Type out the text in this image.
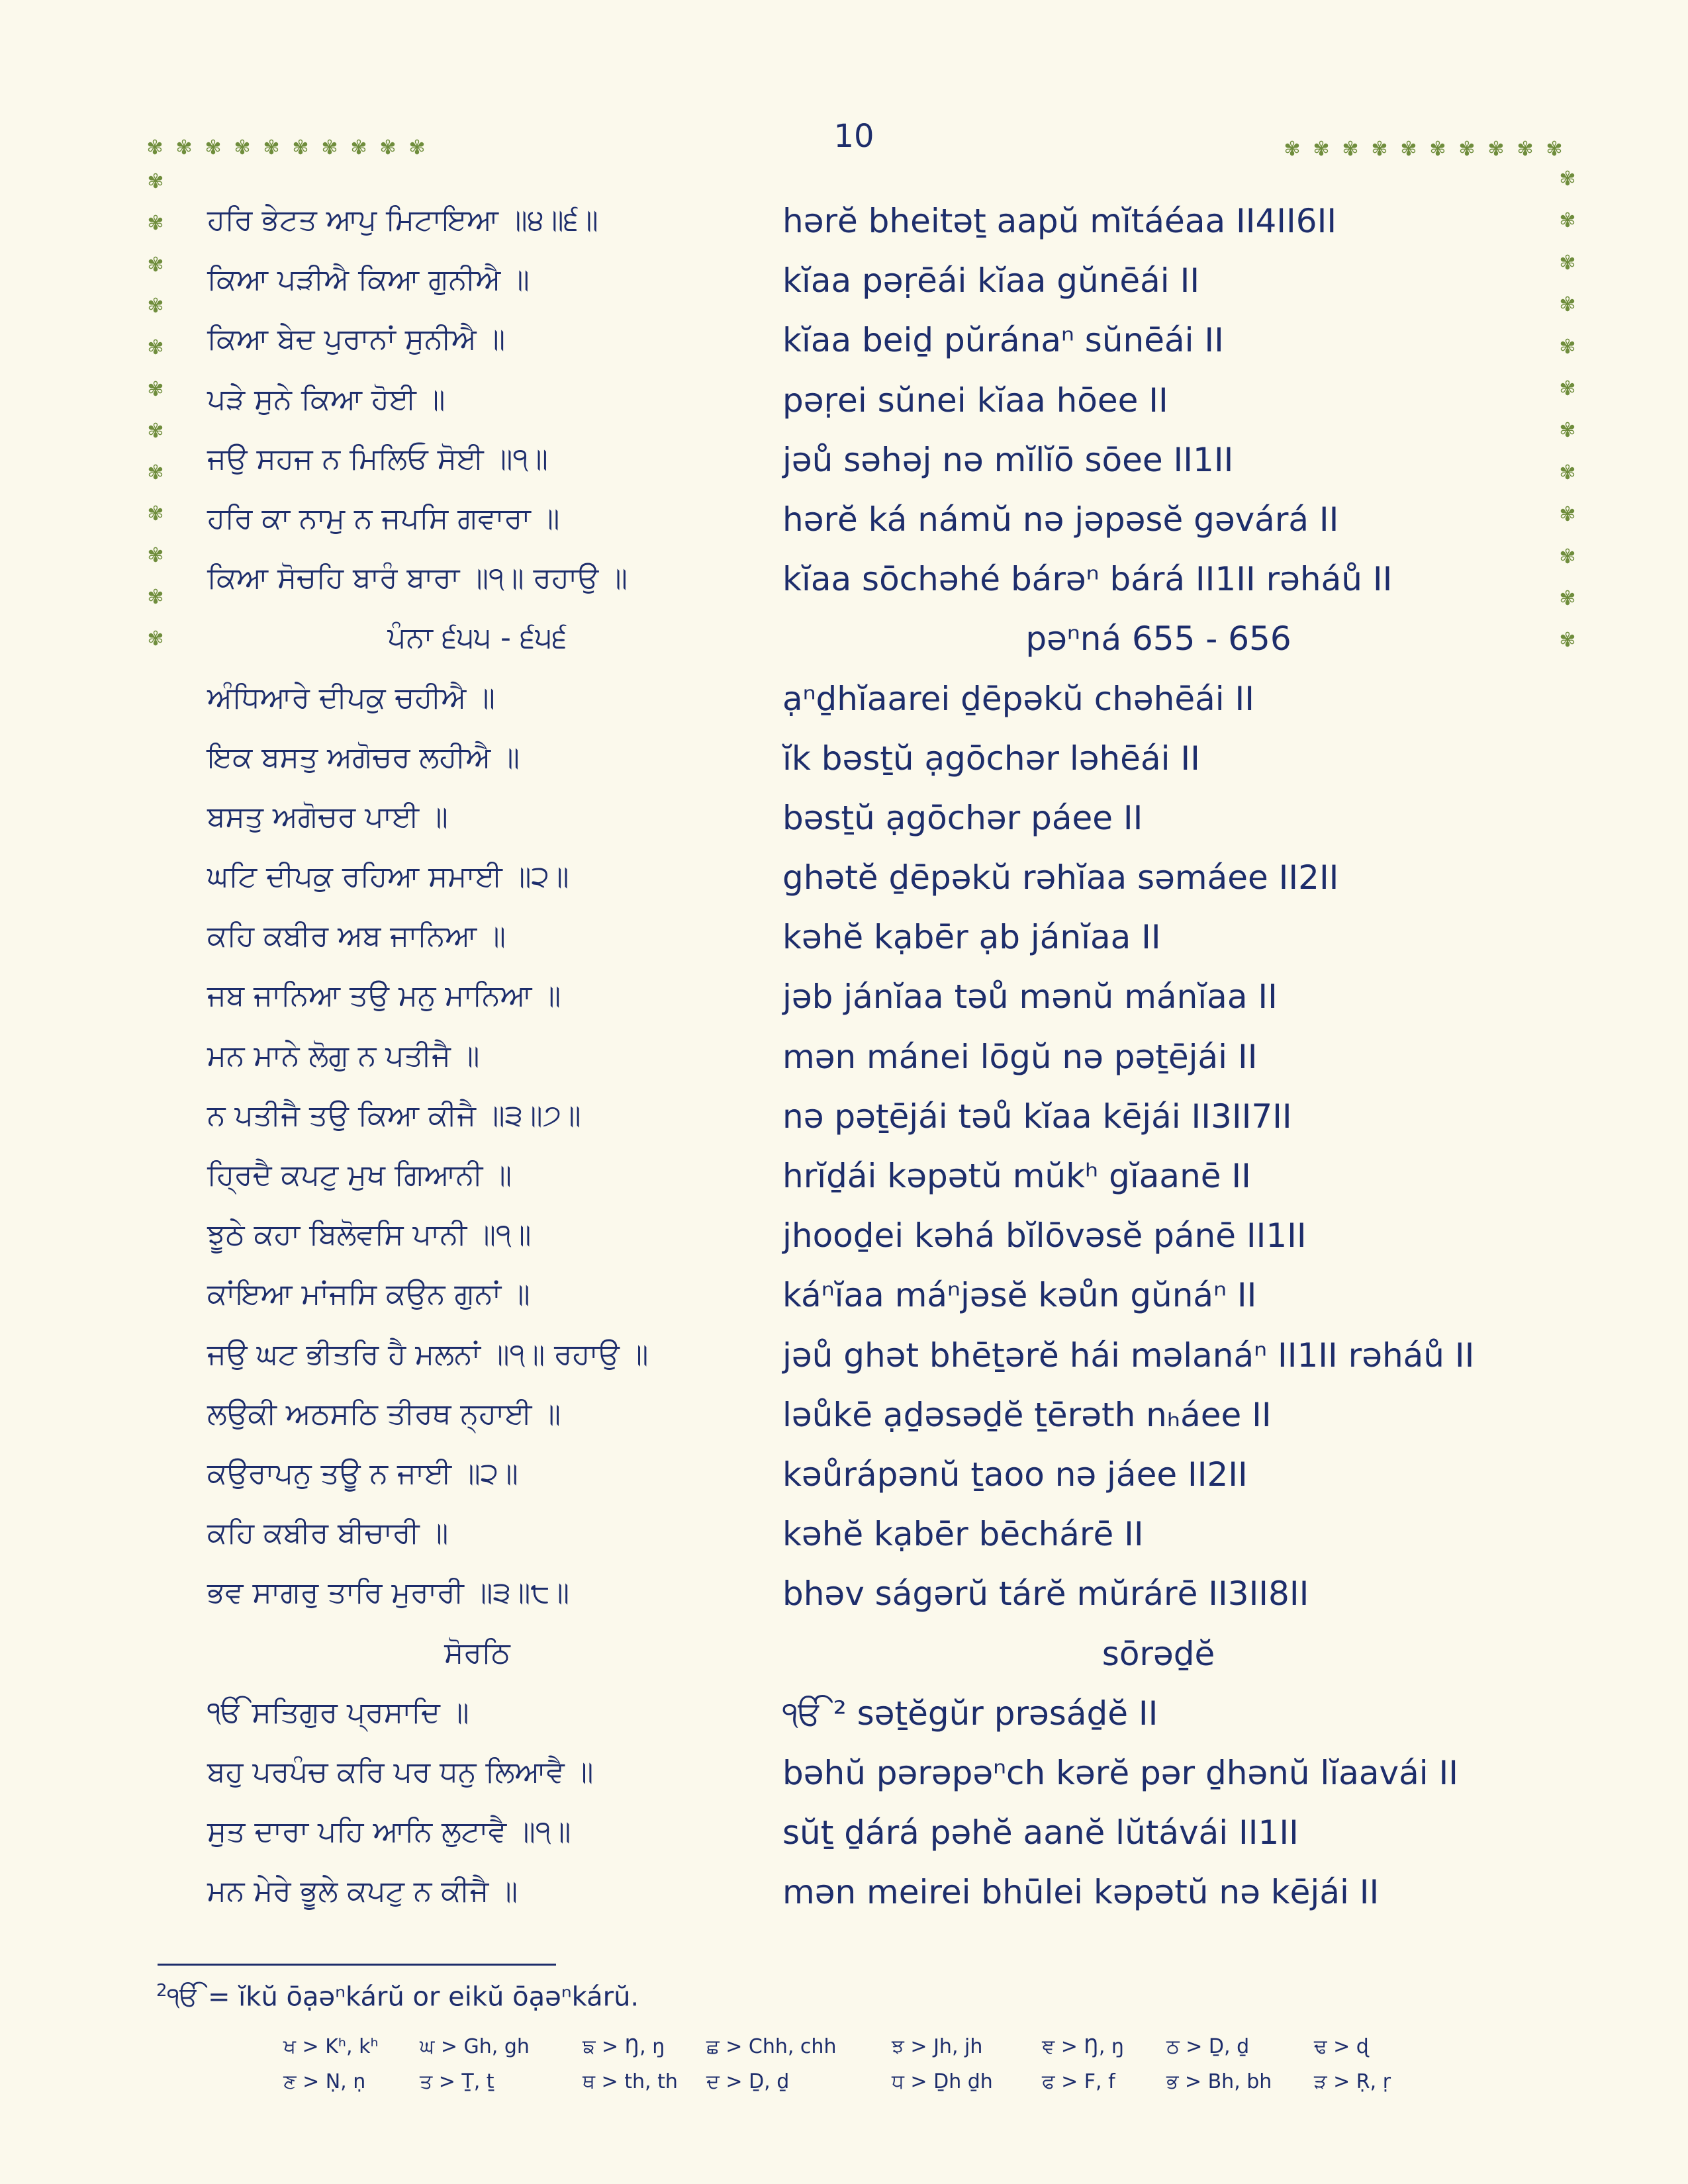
10
✾ ✾ ✾ ✾ ✾ ✾ ✾ ✾ ✾ ✾	✾ ✾ ✾ ✾ ✾ ✾ ✾ ✾ ✾ ✾
✾
✾
✾
✾
✾
✾
✾
✾
✾
✾
✾
✾
✾
✾
✾
✾
✾
✾
✾
✾
✾
✾
✾
✾
ਹਰਿ ਭੇਟਤ ਆਪੁ ਮਿਟਾਇਆ ॥੪॥੬॥	hərĕ bheitəṯ aapŭ mĭtáéaa II4II6II
ਕਿਆ ਪੜੀਐ ਕਿਆ ਗੁਨੀਐ ॥	kĭaa pəṛēái kĭaa gŭnēái II
ਕਿਆ ਬੇਦ ਪੁਰਾਨਾਂ ਸੁਨੀਐ ॥	kĭaa beiḏ pŭránaⁿ sŭnēái II
ਪੜੇ ਸੁਨੇ ਕਿਆ ਹੋਈ ॥	pəṛei sŭnei kĭaa hōee II
ਜਉ ਸਹਜ ਨ ਮਿਲਿਓ ਸੋਈ ॥੧॥	jəů səhəj nə mĭlĭō sōee II1II
ਹਰਿ ਕਾ ਨਾਮੁ ਨ ਜਪਸਿ ਗਵਾਰਾ ॥	hərĕ ká námŭ nə jəpəsĕ gəvárá II
ਕਿਆ ਸੋਚਹਿ ਬਾਰੰ ਬਾਰਾ ॥੧॥ ਰਹਾਉ ॥	kĭaa sōchəhé bárəⁿ bárá II1II rəháů II
ਪੰਨਾ ੬੫੫ - ੬੫੬	pəⁿná 655 - 656
ਅੰਧਿਆਰੇ ਦੀਪਕੁ ਚਹੀਐ ॥	ạⁿḏhĭaarei ḏēpəkŭ chəhēái II
ਇਕ ਬਸਤੁ ਅਗੋਚਰ ਲਹੀਐ ॥	ĭk bəsṯŭ ạgōchər ləhēái II
ਬਸਤੁ ਅਗੋਚਰ ਪਾਈ ॥	bəsṯŭ ạgōchər páee II
ਘਟਿ ਦੀਪਕੁ ਰਹਿਆ ਸਮਾਈ ॥੨॥	ghətĕ ḏēpəkŭ rəhĭaa səmáee II2II
ਕਹਿ ਕਬੀਰ ਅਬ ਜਾਨਿਆ ॥	kəhĕ kạbēr ạb jánĭaa II
ਜਬ ਜਾਨਿਆ ਤਉ ਮਨੁ ਮਾਨਿਆ ॥	jəb jánĭaa təů mənŭ mánĭaa II
ਮਨ ਮਾਨੇ ਲੋਗੁ ਨ ਪਤੀਜੈ ॥	mən mánei lōgŭ nə pəṯējái II
ਨ ਪਤੀਜੈ ਤਉ ਕਿਆ ਕੀਜੈ ॥੩॥੭॥	nə pəṯējái təů kĭaa kējái II3II7II
ਹ੍ਰਿਦੈ ਕਪਟੁ ਮੁਖ ਗਿਆਨੀ ॥	hrĭḏái kəpətŭ mŭkʰ gĭaanē II
ਝੂਠੇ ਕਹਾ ਬਿਲੋਵਸਿ ਪਾਨੀ ॥੧॥	jhooḏei kəhá bĭlōvəsĕ pánē II1II
ਕਾਂਇਆ ਮਾਂਜਸਿ ਕਉਨ ਗੁਨਾਂ ॥	káⁿĭaa máⁿjəsĕ kəůn gŭnáⁿ II
ਜਉ ਘਟ ਭੀਤਰਿ ਹੈ ਮਲਨਾਂ ॥੧॥ ਰਹਾਉ ॥	jəů ghət bhēṯərĕ hái məlanáⁿ II1II rəháů II
ਲਉਕੀ ਅਠਸਠਿ ਤੀਰਥ ਨ੍ਹਾਈ ॥	ləůkē ạḏəsəḏĕ ṯērəth nₕáee II
ਕਉਰਾਪਨੁ ਤਊ ਨ ਜਾਈ ॥੨॥	kəůrápənŭ ṯaoo nə jáee II2II
ਕਹਿ ਕਬੀਰ ਬੀਚਾਰੀ ॥	kəhĕ kạbēr bēchárē II
ਭਵ ਸਾਗਰੁ ਤਾਰਿ ਮੁਰਾਰੀ ॥੩॥੮॥	bhəv ságərŭ tárĕ mŭrárē II3II8II
ਸੋਰਠਿ	sōrəḏĕ
ੴ ਸਤਿਗੁਰ ਪ੍ਰਸਾਦਿ ॥	ੴ ² səṯĕgŭr prəsáḏĕ II
ਬਹੁ ਪਰਪੰਚ ਕਰਿ ਪਰ ਧਨੁ ਲਿਆਵੈ ॥	bəhŭ pərəpəⁿch kərĕ pər ḏhənŭ lĭaavái II
ਸੁਤ ਦਾਰਾ ਪਹਿ ਆਨਿ ਲੁਟਾਵੈ ॥੧॥	sŭṯ ḏárá pəhĕ aanĕ lŭtávái II1II
ਮਨ ਮੇਰੇ ਭੂਲੇ ਕਪਟੁ ਨ ਕੀਜੈ ॥	mən meirei bhūlei kəpətŭ nə kējái II
$^2$ੴ = ĭkŭ ōạəⁿkárŭ or eikŭ ōạəⁿkárŭ.
ਖ > Kʰ, kʰ ਘ > Gh, gh	ਙ > Ŋ, ŋ ਛ > Chh, chh	ਝ > Jh, jh	ਞ > Ŋ, ŋ ਠ > Ḏ, ḏ	ਢ > ɖ
ਣ > Ṇ, ṇ	ਤ > Ṯ, ṯ	ਥ > th, th ਦ > Ḏ, ḏ	ਧ > Ḏh ḏh ਫ > F, f	ਭ > Bh, bh ੜ > Ṛ, ṛ
